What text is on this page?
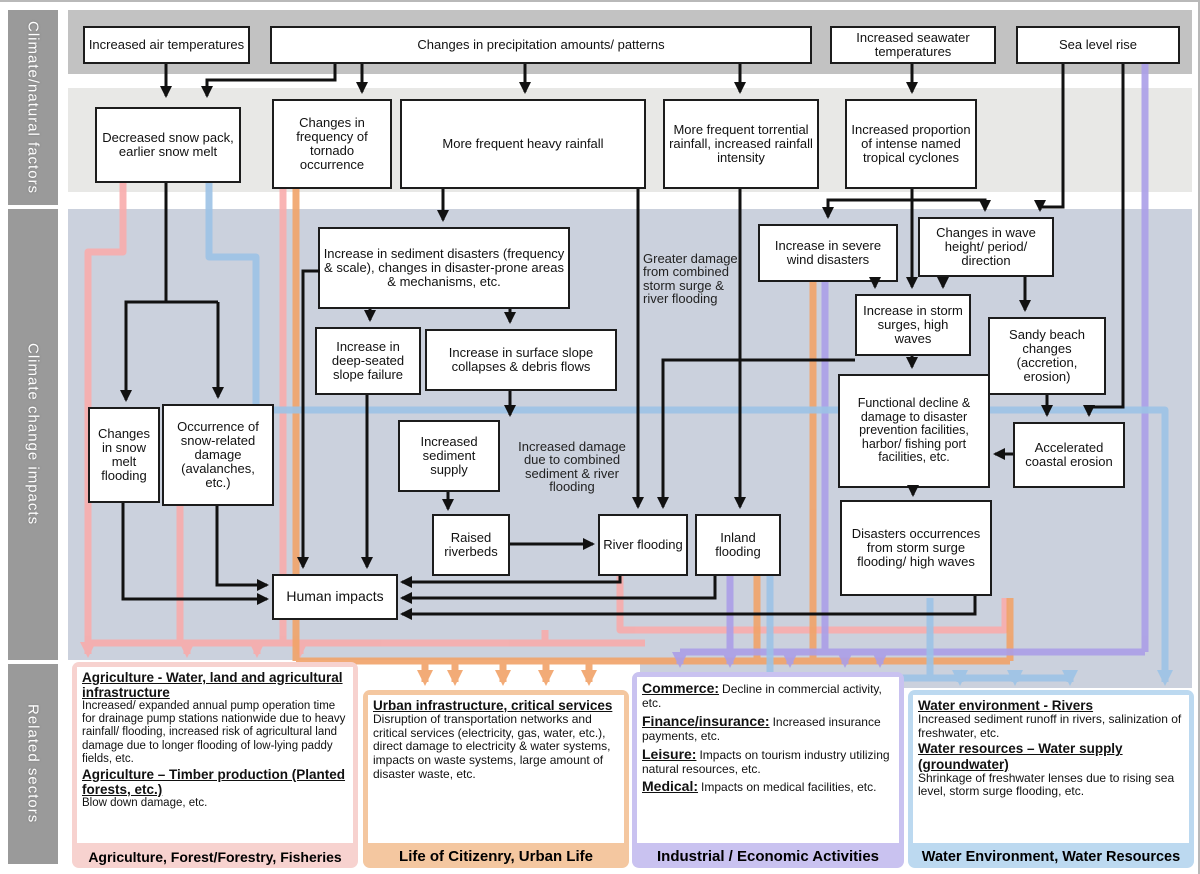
Climate/natural factors
Climate change impacts
Related sectors
Increased air temperatures	Changes in precipitation amounts/ patterns	Increased seawater temperatures	Sea level rise
Decreased snow pack, earlier snow melt
Changes in frequency of tornado occurrence
More frequent heavy rainfall
More frequent torrential rainfall, increased rainfall intensity
Increased proportion of intense named tropical cyclones
Increase in sediment disasters (frequency & scale), changes in disaster-prone areas & mechanisms, etc.
Increase in severe wind disasters
Changes in wave height/ period/ direction
Increase in deep-seated slope failure
Increase in surface slope collapses & debris flows
Increase in storm surges, high waves	Sandy beach changes (accretion, erosion)
Changes in snow melt flooding
Occurrence of snow-related damage (avalanches, etc.)
Increased sediment supply
Functional decline & damage to disaster prevention facilities, harbor/ fishing port facilities, etc.
Accelerated coastal erosion
Raised riverbeds	River flooding	Inland flooding
Disasters occurrences from storm surge flooding/ high waves
Human impacts
Greater damage from combined storm surge & river flooding
Increased damage due to combined sediment & river flooding
Agriculture - Water, land and agricultural infrastructure
Increased/ expanded annual pump operation time for drainage pump stations nationwide due to heavy rainfall/ flooding, increased risk of agricultural land damage due to longer flooding of low-lying paddy fields, etc.
Agriculture – Timber production (Planted forests, etc.)
Blow down damage, etc.
Agriculture, Forest/Forestry, Fisheries
Urban infrastructure, critical services
Disruption of transportation networks and critical services (electricity, gas, water, etc.), direct damage to electricity & water systems, impacts on waste systems, large amount of disaster waste, etc.
Life of Citizenry, Urban Life
Commerce: Decline in commercial activity, etc.
Finance/insurance: Increased insurance payments, etc.
Leisure: Impacts on tourism industry utilizing natural resources, etc.
Medical: Impacts on medical facilities, etc.
Industrial / Economic Activities
Water environment - Rivers
Increased sediment runoff in rivers, salinization of freshwater, etc.
Water resources – Water supply (groundwater)
Shrinkage of freshwater lenses due to rising sea level, storm surge flooding, etc.
Water Environment, Water Resources
